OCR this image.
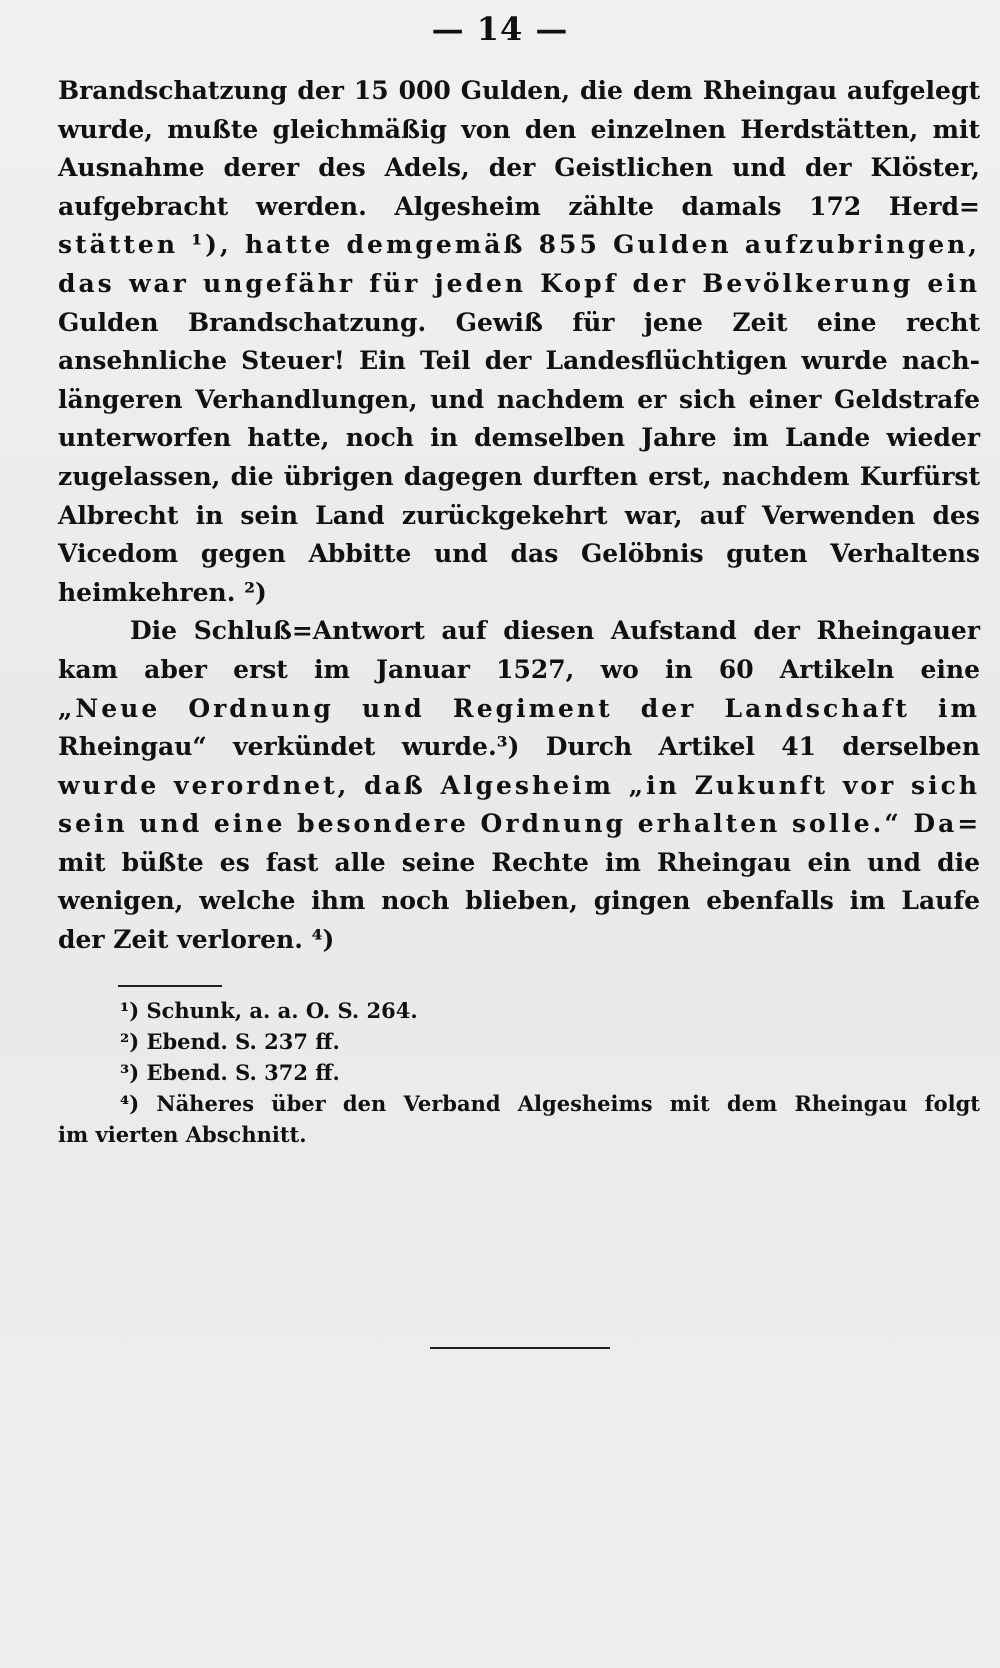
— 14 —
Brandschatzung der 15 000 Gulden, die dem Rheingau aufgelegt
wurde, mußte gleichmäßig von den einzelnen Herdstätten, mit
Ausnahme derer des Adels, der Geistlichen und der Klöster,
aufgebracht werden. Algesheim zählte damals 172 Herd=
stätten ¹), hatte demgemäß 855 Gulden aufzubringen,
das war ungefähr für jeden Kopf der Bevölkerung ein
Gulden Brandschatzung. Gewiß für jene Zeit eine recht
ansehnliche Steuer! Ein Teil der Landesflüchtigen wurde nach-
längeren Verhandlungen, und nachdem er sich einer Geldstrafe
unterworfen hatte, noch in demselben Jahre im Lande wieder
zugelassen, die übrigen dagegen durften erst, nachdem Kurfürst
Albrecht in sein Land zurückgekehrt war, auf Verwenden des
Vicedom gegen Abbitte und das Gelöbnis guten Verhaltens
heimkehren. ²)
Die Schluß=Antwort auf diesen Aufstand der Rheingauer
kam aber erst im Januar 1527, wo in 60 Artikeln eine
„Neue Ordnung und Regiment der Landschaft im
Rheingau“ verkündet wurde.³) Durch Artikel 41 derselben
wurde verordnet, daß Algesheim „in Zukunft vor sich
sein und eine besondere Ordnung erhalten solle.“ Da=
mit büßte es fast alle seine Rechte im Rheingau ein und die
wenigen, welche ihm noch blieben, gingen ebenfalls im Laufe
der Zeit verloren. ⁴)
¹) Schunk, a. a. O. S. 264.
²) Ebend. S. 237 ff.
³) Ebend. S. 372 ff.
⁴) Näheres über den Verband Algesheims mit dem Rheingau folgt
im vierten Abschnitt.
